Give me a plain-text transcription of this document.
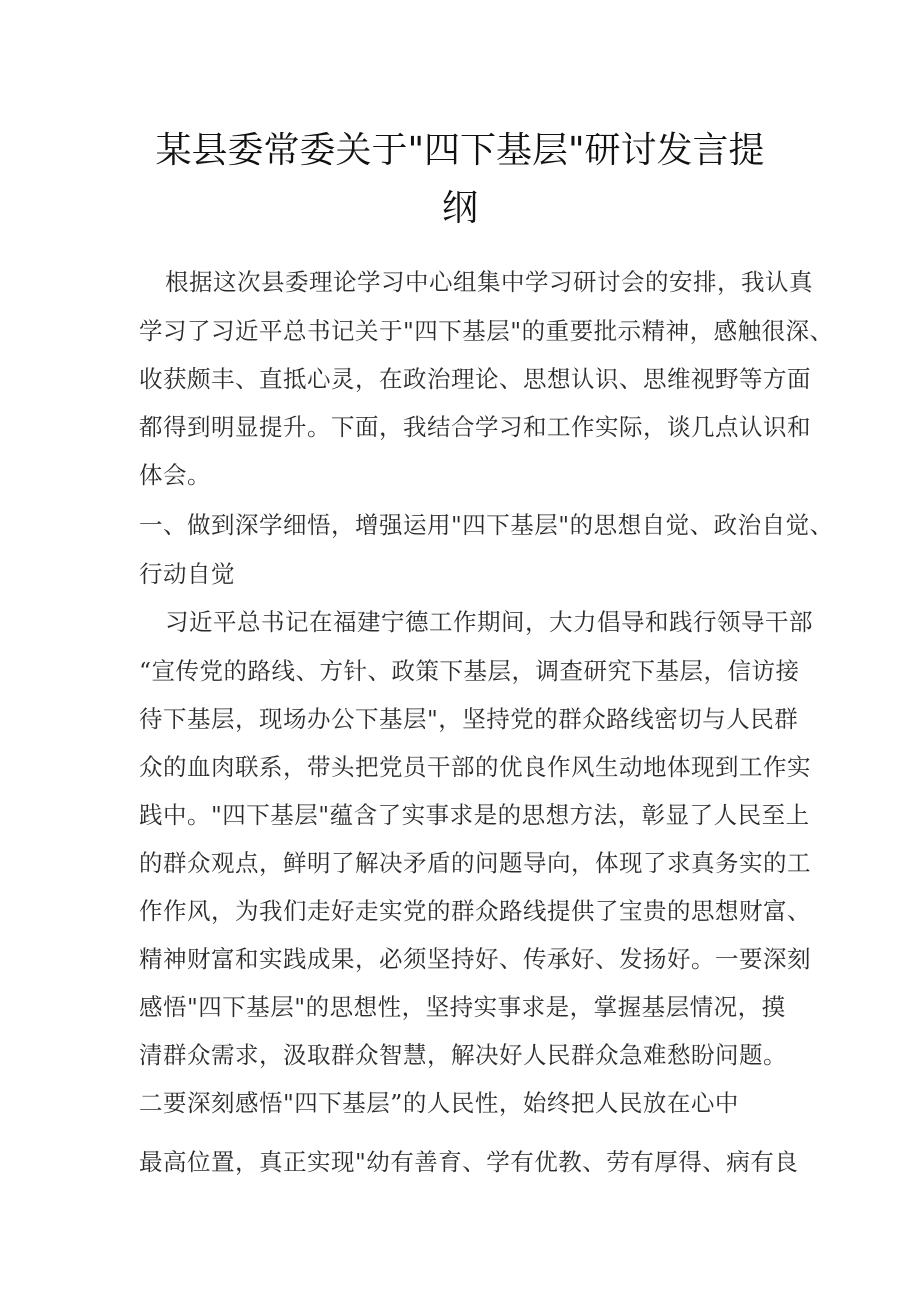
某县委常委关于"四下基层"研讨发言提
纲
根据这次县委理论学习中心组集中学习研讨会的安排，我认真
学习了习近平总书记关于"四下基层"的重要批示精神，感触很深、
收获颇丰、直抵心灵，在政治理论、思想认识、思维视野等方面
都得到明显提升。下面，我结合学习和工作实际，谈几点认识和
体会。
一、做到深学细悟，增强运用"四下基层"的思想自觉、政治自觉、
行动自觉
习近平总书记在福建宁德工作期间，大力倡导和践行领导干部
“宣传党的路线、方针、政策下基层，调查研究下基层，信访接
待下基层，现场办公下基层"，坚持党的群众路线密切与人民群
众的血肉联系，带头把党员干部的优良作风生动地体现到工作实
践中。"四下基层"蕴含了实事求是的思想方法，彰显了人民至上
的群众观点，鲜明了解决矛盾的问题导向，体现了求真务实的工
作作风，为我们走好走实党的群众路线提供了宝贵的思想财富、
精神财富和实践成果，必须坚持好、传承好、发扬好。一要深刻
感悟"四下基层"的思想性，坚持实事求是，掌握基层情况，摸
清群众需求，汲取群众智慧，解决好人民群众急难愁盼问题。
二要深刻感悟"四下基层”的人民性，始终把人民放在心中
最高位置，真正实现"幼有善育、学有优教、劳有厚得、病有良
